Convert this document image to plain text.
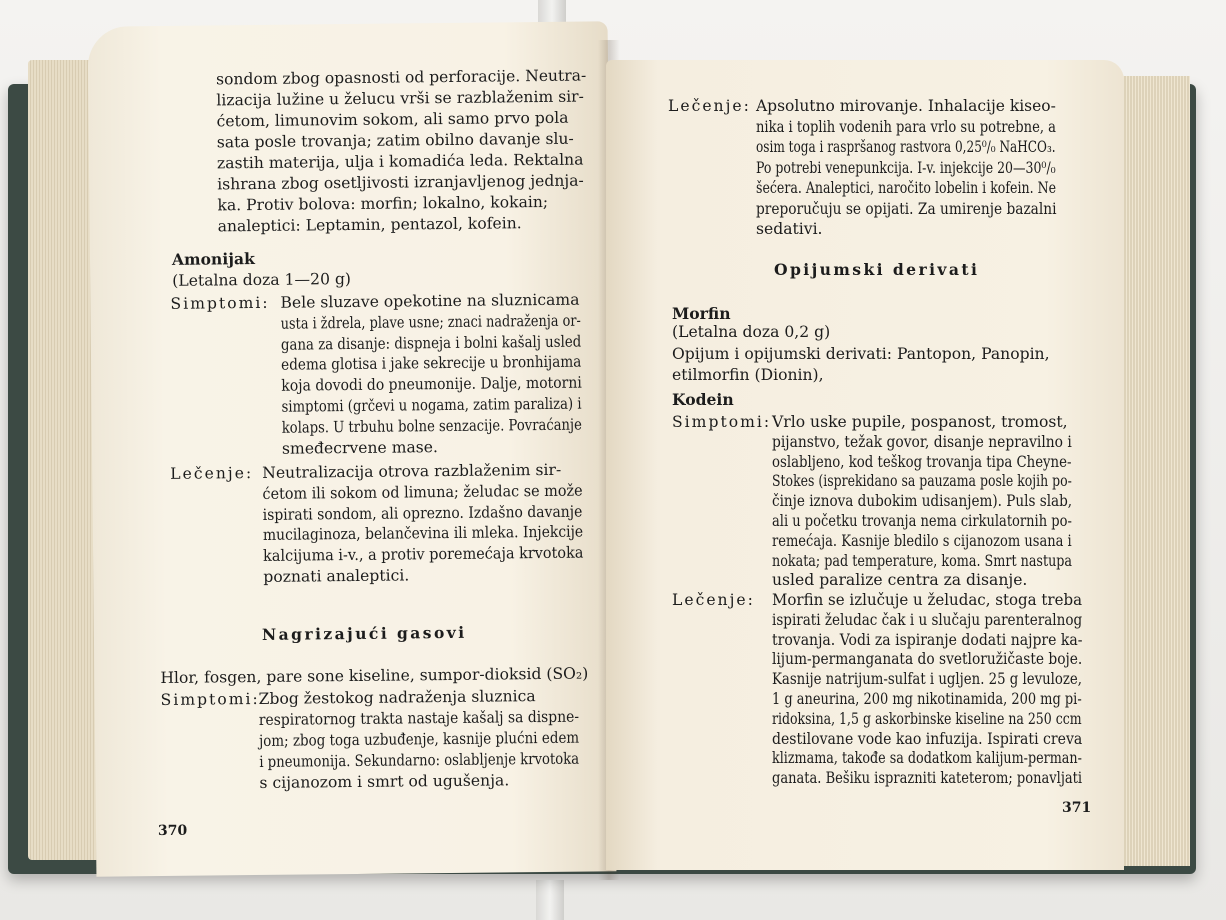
sondom zbog opasnosti od perforacije. Neutra-
lizacija lužine u želucu vrši se razblaženim sir-
ćetom, limunovim sokom, ali samo prvo pola
sata posle trovanja; zatim obilno davanje slu-
zastih materija, ulja i komadića leda. Rektalna
ishrana zbog osetljivosti izranjavljenog jednja-
ka. Protiv bolova: morfin; lokalno, kokain;
analeptici: Leptamin, pentazol, kofein.
Amonijak
(Letalna doza 1—20 g)
Simptomi: Bele sluzave opekotine na sluznicama
usta i ždrela, plave usne; znaci nadraženja or-
gana za disanje: dispneja i bolni kašalj usled
edema glotisa i jake sekrecije u bronhijama
koja dovodi do pneumonije. Dalje, motorni
simptomi (grčevi u nogama, zatim paraliza) i
kolaps. U trbuhu bolne senzacije. Povraćanje
smeđecrvene mase.
Lečenje: Neutralizacija otrova razblaženim sir-
ćetom ili sokom od limuna; želudac se može
ispirati sondom, ali oprezno. Izdašno davanje
mucilaginoza, belančevina ili mleka. Injekcije
kalcijuma i-v., a protiv poremećaja krvotoka
poznati analeptici.
Nagrizajući gasovi
Hlor, fosgen, pare sone kiseline, sumpor-dioksid (SO₂)
Simptomi:
Zbog žestokog nadraženja sluznica
respiratornog trakta nastaje kašalj sa dispne-
jom; zbog toga uzbuđenje, kasnije plućni edem
i pneumonija. Sekundarno: oslabljenje krvotoka
s cijanozom i smrt od ugušenja.
370
Lečenje: Apsolutno mirovanje. Inhalacije kiseo-
nika i toplih vodenih para vrlo su potrebne, a
osim toga i raspršanog rastvora 0,25⁰/₀ NaHCO₃.
Po potrebi venepunkcija. I-v. injekcije 20—30⁰/₀
šećera. Analeptici, naročito lobelin i kofein. Ne
preporučuju se opijati. Za umirenje bazalni
sedativi.
Opijumski derivati
Morfin
(Letalna doza 0,2 g)
Opijum i opijumski derivati: Pantopon, Panopin,
etilmorfin (Dionin),
Kodein
Simptomi: Vrlo uske pupile, pospanost, tromost,
pijanstvo, težak govor, disanje nepravilno i
oslabljeno, kod teškog trovanja tipa Cheyne-
Stokes (isprekidano sa pauzama posle kojih po-
činje iznova dubokim udisanjem). Puls slab,
ali u početku trovanja nema cirkulatornih po-
remećaja. Kasnije bledilo s cijanozom usana i
nokata; pad temperature, koma. Smrt nastupa
usled paralize centra za disanje.
Lečenje: Morfin se izlučuje u želudac, stoga treba
ispirati želudac čak i u slučaju parenteralnog
trovanja. Vodi za ispiranje dodati najpre ka-
lijum-permanganata do svetloružičaste boje.
Kasnije natrijum-sulfat i ugljen. 25 g levuloze,
1 g aneurina, 200 mg nikotinamida, 200 mg pi-
ridoksina, 1,5 g askorbinske kiseline na 250 ccm
destilovane vode kao infuzija. Ispirati creva
klizmama, takođe sa dodatkom kalijum-perman-
ganata. Bešiku isprazniti kateterom; ponavljati
371
